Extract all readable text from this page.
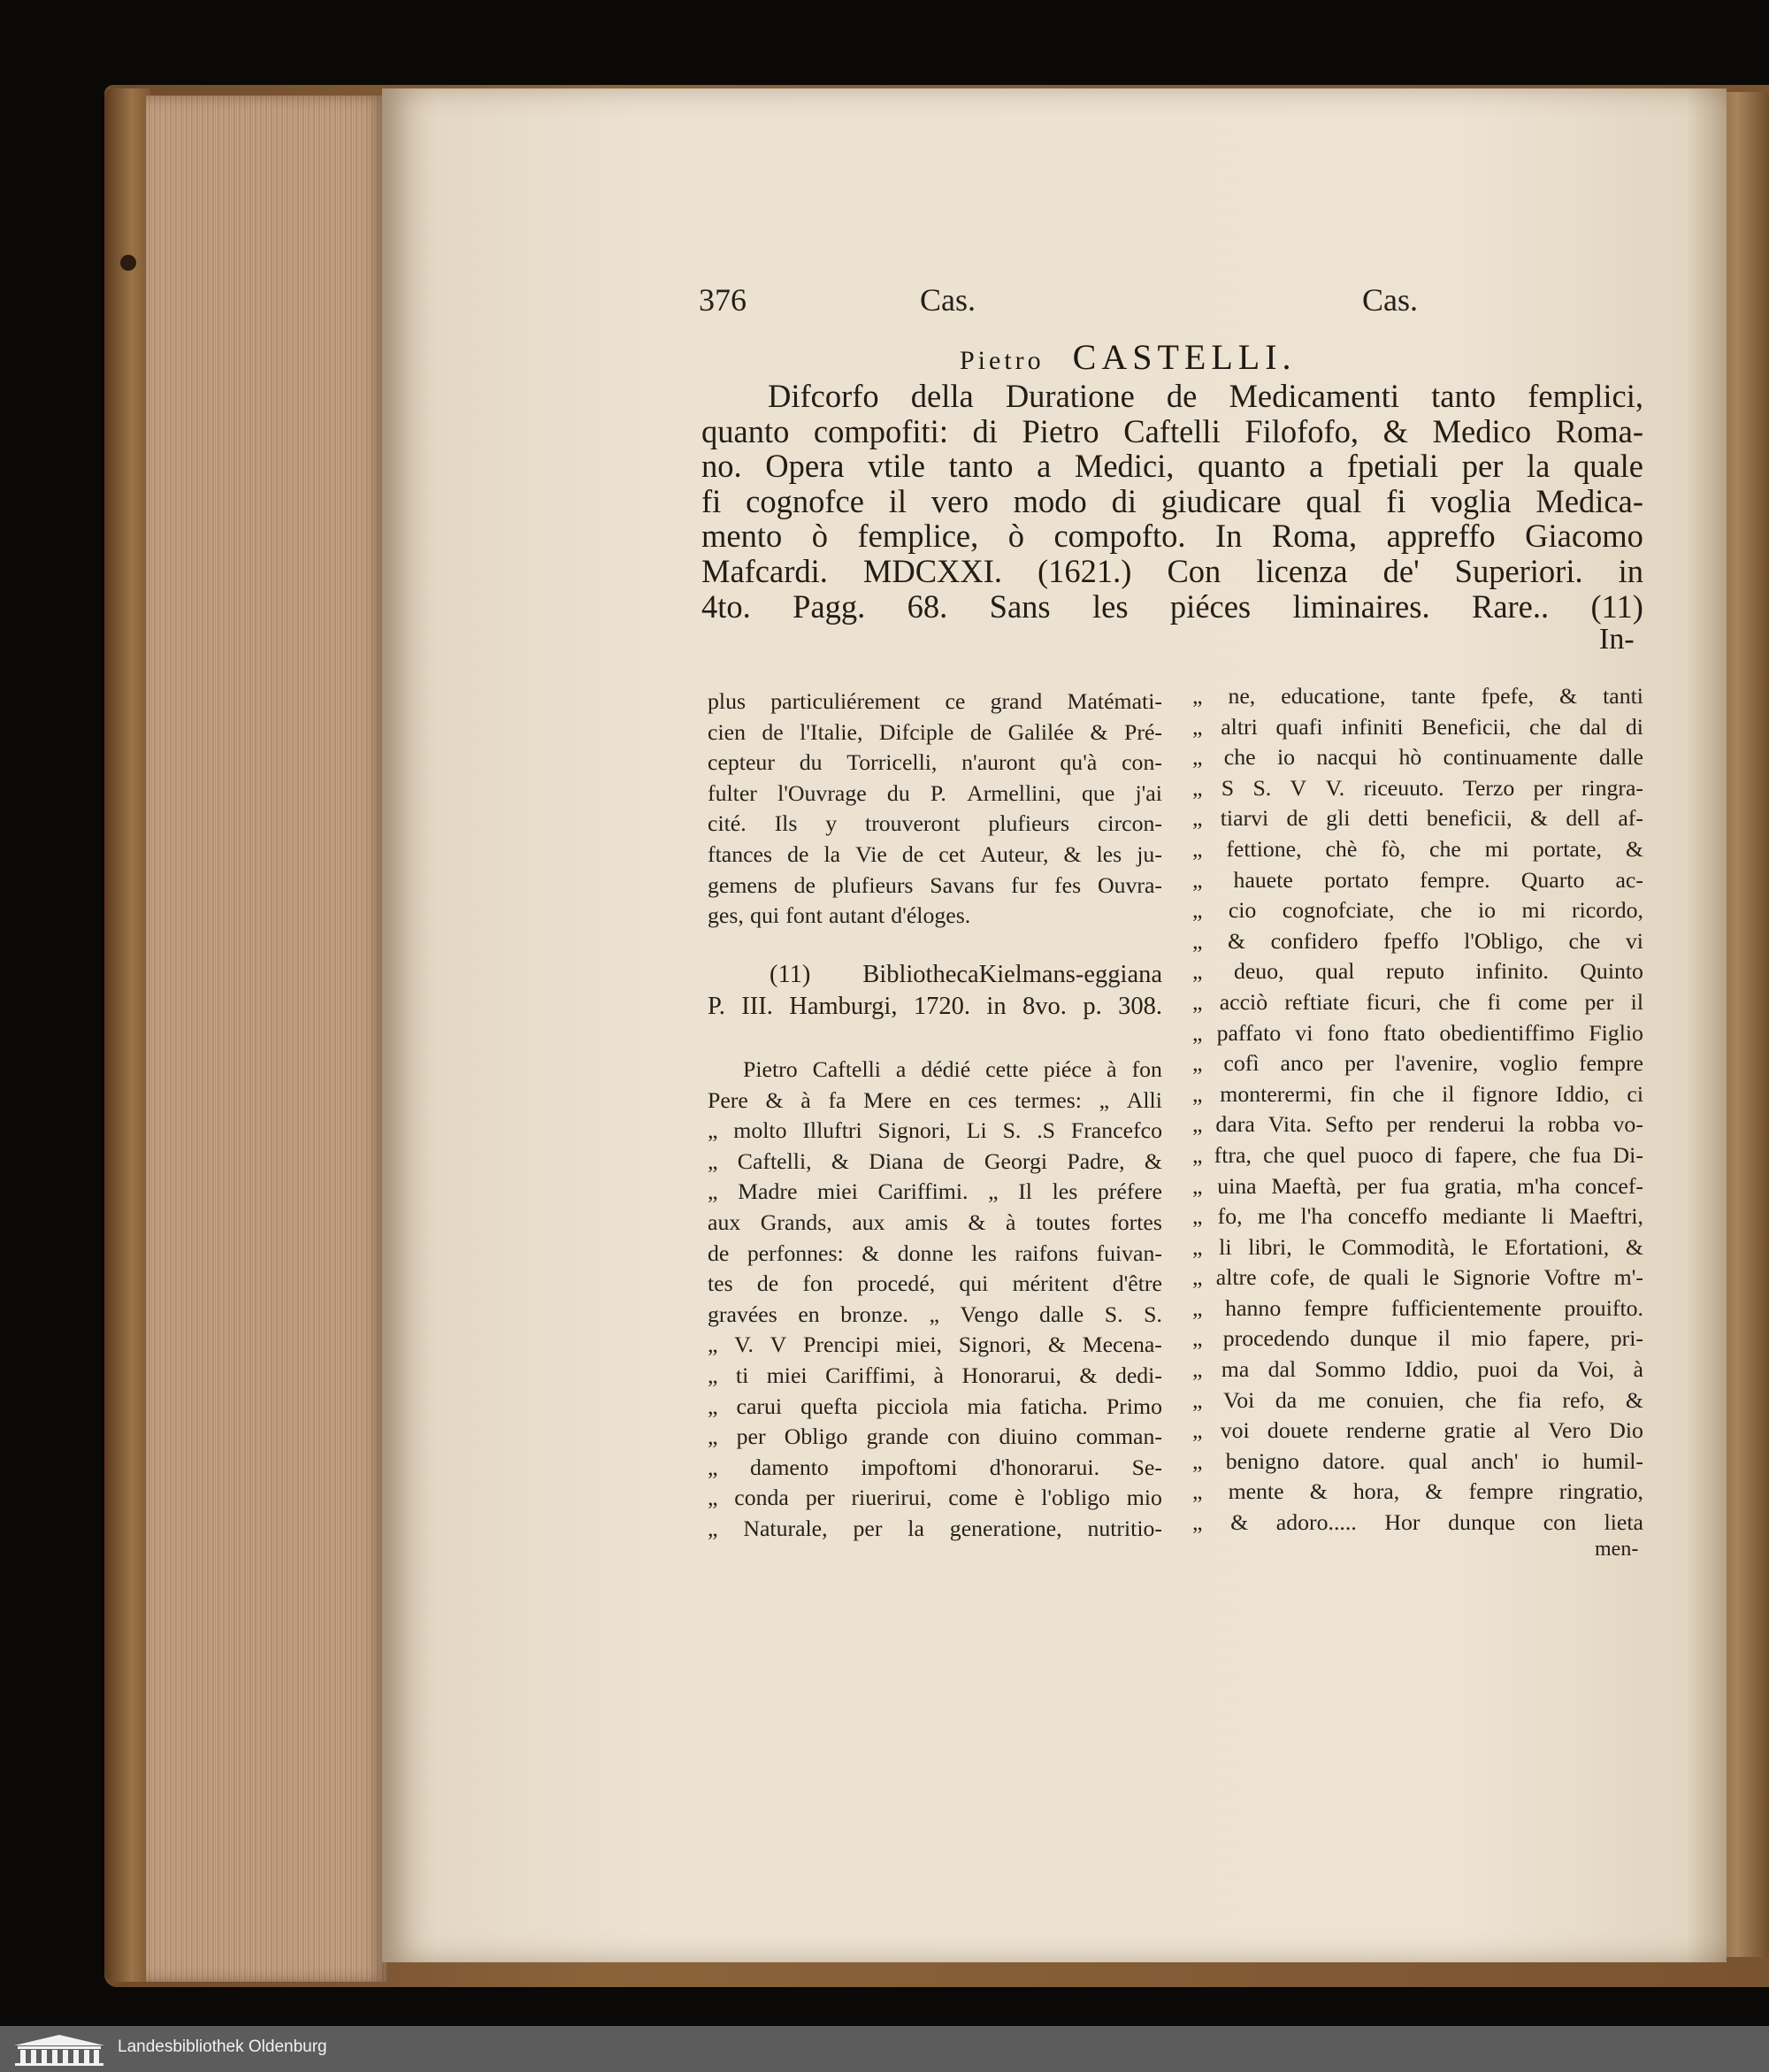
376	Cas.	Cas.
Pietro CASTELLI.
Difcorfo della Duratione de Medicamenti tanto femplici,
quanto compofiti: di Pietro Caftelli Filofofo, & Medico Roma-
no. Opera vtile tanto a Medici, quanto a fpetiali per la quale
fi cognofce il vero modo di giudicare qual fi voglia Medica-
mento ò femplice, ò compofto. In Roma, appreffo Giacomo
Mafcardi. MDCXXI. (1621.) Con licenza de' Superiori. in
4to. Pagg. 68. Sans les piéces liminaires. Rare.. (11)
In-
plus particuliérement ce grand Matémati-
cien de l'Italie, Difciple de Galilée & Pré-
cepteur du Torricelli, n'auront qu'à con-
fulter l'Ouvrage du P. Armellini, que j'ai
cité. Ils y trouveront plufieurs circon-
ftances de la Vie de cet Auteur, & les ju-
gemens de plufieurs Savans fur fes Ouvra-
ges, qui font autant d'éloges.
(11) BibliothecaKielmans-eggiana
P. III. Hamburgi, 1720. in 8vo. p. 308.
Pietro Caftelli a dédié cette piéce à fon
Pere & à fa Mere en ces termes: „ Alli
„ molto Illuftri Signori, Li S. .S Francefco
„ Caftelli, & Diana de Georgi Padre, &
„ Madre miei Cariffimi. „ Il les préfere
aux Grands, aux amis & à toutes fortes
de perfonnes: & donne les raifons fuivan-
tes de fon procedé, qui méritent d'être
gravées en bronze. „ Vengo dalle S. S.
„ V. V Prencipi miei, Signori, & Mecena-
„ ti miei Cariffimi, à Honorarui, & dedi-
„ carui quefta picciola mia faticha. Primo
„ per Obligo grande con diuino comman-
„ damento impoftomi d'honorarui. Se-
„ conda per riuerirui, come è l'obligo mio
„ Naturale, per la generatione, nutritio-
„ ne, educatione, tante fpefe, & tanti
„ altri quafi infiniti Beneficii, che dal di
„ che io nacqui hò continuamente dalle
„ S S. V V. riceuuto. Terzo per ringra-
„ tiarvi de gli detti beneficii, & dell af-
„ fettione, chè fò, che mi portate, &
„ hauete portato fempre. Quarto ac-
„ cio cognofciate, che io mi ricordo,
„ & confidero fpeffo l'Obligo, che vi
„ deuo, qual reputo infinito. Quinto
„ acciò reftiate ficuri, che fi come per il
„ paffato vi fono ftato obedientiffimo Figlio
„ cofì anco per l'avenire, voglio fempre
„ monterermi, fin che il fignore Iddio, ci
„ dara Vita. Sefto per renderui la robba vo-
„ ftra, che quel puoco di fapere, che fua Di-
„ uina Maeftà, per fua gratia, m'ha concef-
„ fo, me l'ha conceffo mediante li Maeftri,
„ li libri, le Commodità, le Efortationi, &
„ altre cofe, de quali le Signorie Voftre m'-
„ hanno fempre fufficientemente prouifto.
„ procedendo dunque il mio fapere, pri-
„ ma dal Sommo Iddio, puoi da Voi, à
„ Voi da me conuien, che fia refo, &
„ voi douete renderne gratie al Vero Dio
„ benigno datore. qual anch' io humil-
„ mente & hora, & fempre ringratio,
„ & adoro..... Hor dunque con lieta
men-
Landesbibliothek Oldenburg
